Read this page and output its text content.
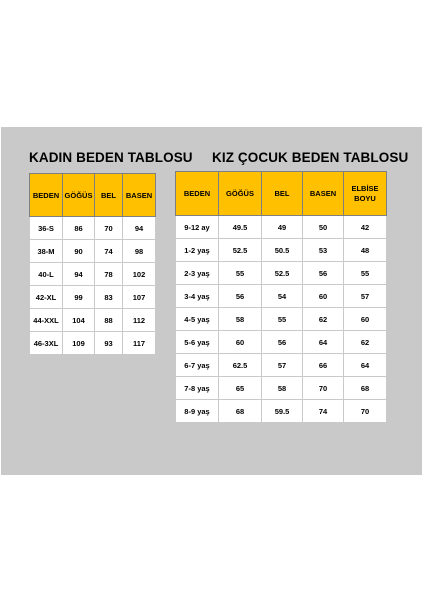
KADIN BEDEN TABLOSU KIZ ÇOCUK BEDEN TABLOSU
BEDEN	GÖĞÜS	BEL	BASEN
36-S	86	70	94
38-M	90	74	98
40-L	94	78	102
42-XL	99	83	107
44-XXL	104	88	112
46-3XL	109	93	117
BEDEN	GÖĞÜS	BEL	BASEN	ELBİSE BOYU
9-12 ay	49.5	49	50	42
1-2 yaş	52.5	50.5	53	48
2-3 yaş	55	52.5	56	55
3-4 yaş	56	54	60	57
4-5 yaş	58	55	62	60
5-6 yaş	60	56	64	62
6-7 yaş	62.5	57	66	64
7-8 yaş	65	58	70	68
8-9 yaş	68	59.5	74	70
